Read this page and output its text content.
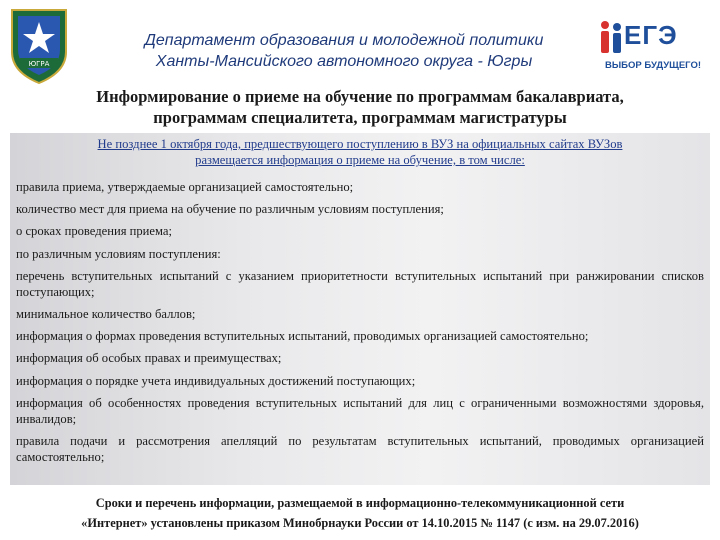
ЮГРА
Департамент образования и молодежной политики
Ханты-Мансийского автономного округа - Югры
ЕГЭ
ВЫБОР БУДУЩЕГО!
Информирование о приеме на обучение по программам бакалавриата,
программам специалитета, программам магистратуры
Не позднее 1 октября года, предшествующего поступлению в ВУЗ на официальных сайтах ВУЗов
размещается информация о приеме на обучение, в том числе:
правила приема, утверждаемые организацией самостоятельно;
количество мест для приема на обучение по различным условиям поступления;
о сроках проведения приема;
по различным условиям поступления:
перечень вступительных испытаний с указанием приоритетности вступительных испытаний при ранжировании списков поступающих;
минимальное количество баллов;
информация о формах проведения вступительных испытаний, проводимых организацией самостоятельно;
информация об особых правах и преимуществах;
информация о порядке учета индивидуальных достижений поступающих;
информация об особенностях проведения вступительных испытаний для лиц с ограниченными возможностями здоровья, инвалидов;
правила подачи и рассмотрения апелляций по результатам вступительных испытаний, проводимых организацией самостоятельно;
Сроки и перечень информации, размещаемой в информационно-телекоммуникационной сети
«Интернет» установлены приказом Минобрнауки России от 14.10.2015 № 1147 (с изм. на 29.07.2016)
